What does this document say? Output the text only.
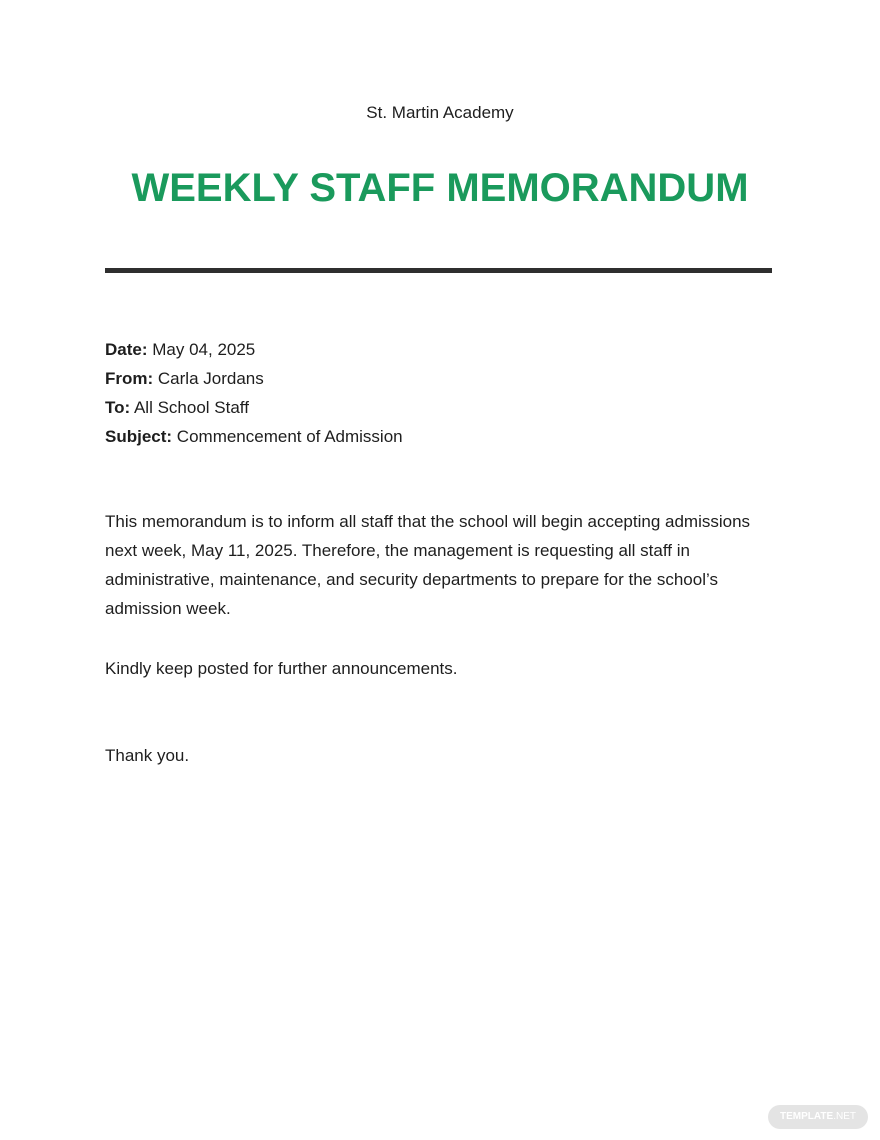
St. Martin Academy
WEEKLY STAFF MEMORANDUM
Date: May 04, 2025
From: Carla Jordans
To: All School Staff
Subject: Commencement of Admission
This memorandum is to inform all staff that the school will begin accepting admissions next week, May 11, 2025. Therefore, the management is requesting all staff in administrative, maintenance, and security departments to prepare for the school’s admission week.
Kindly keep posted for further announcements.
Thank you.
TEMPLATE.NET
